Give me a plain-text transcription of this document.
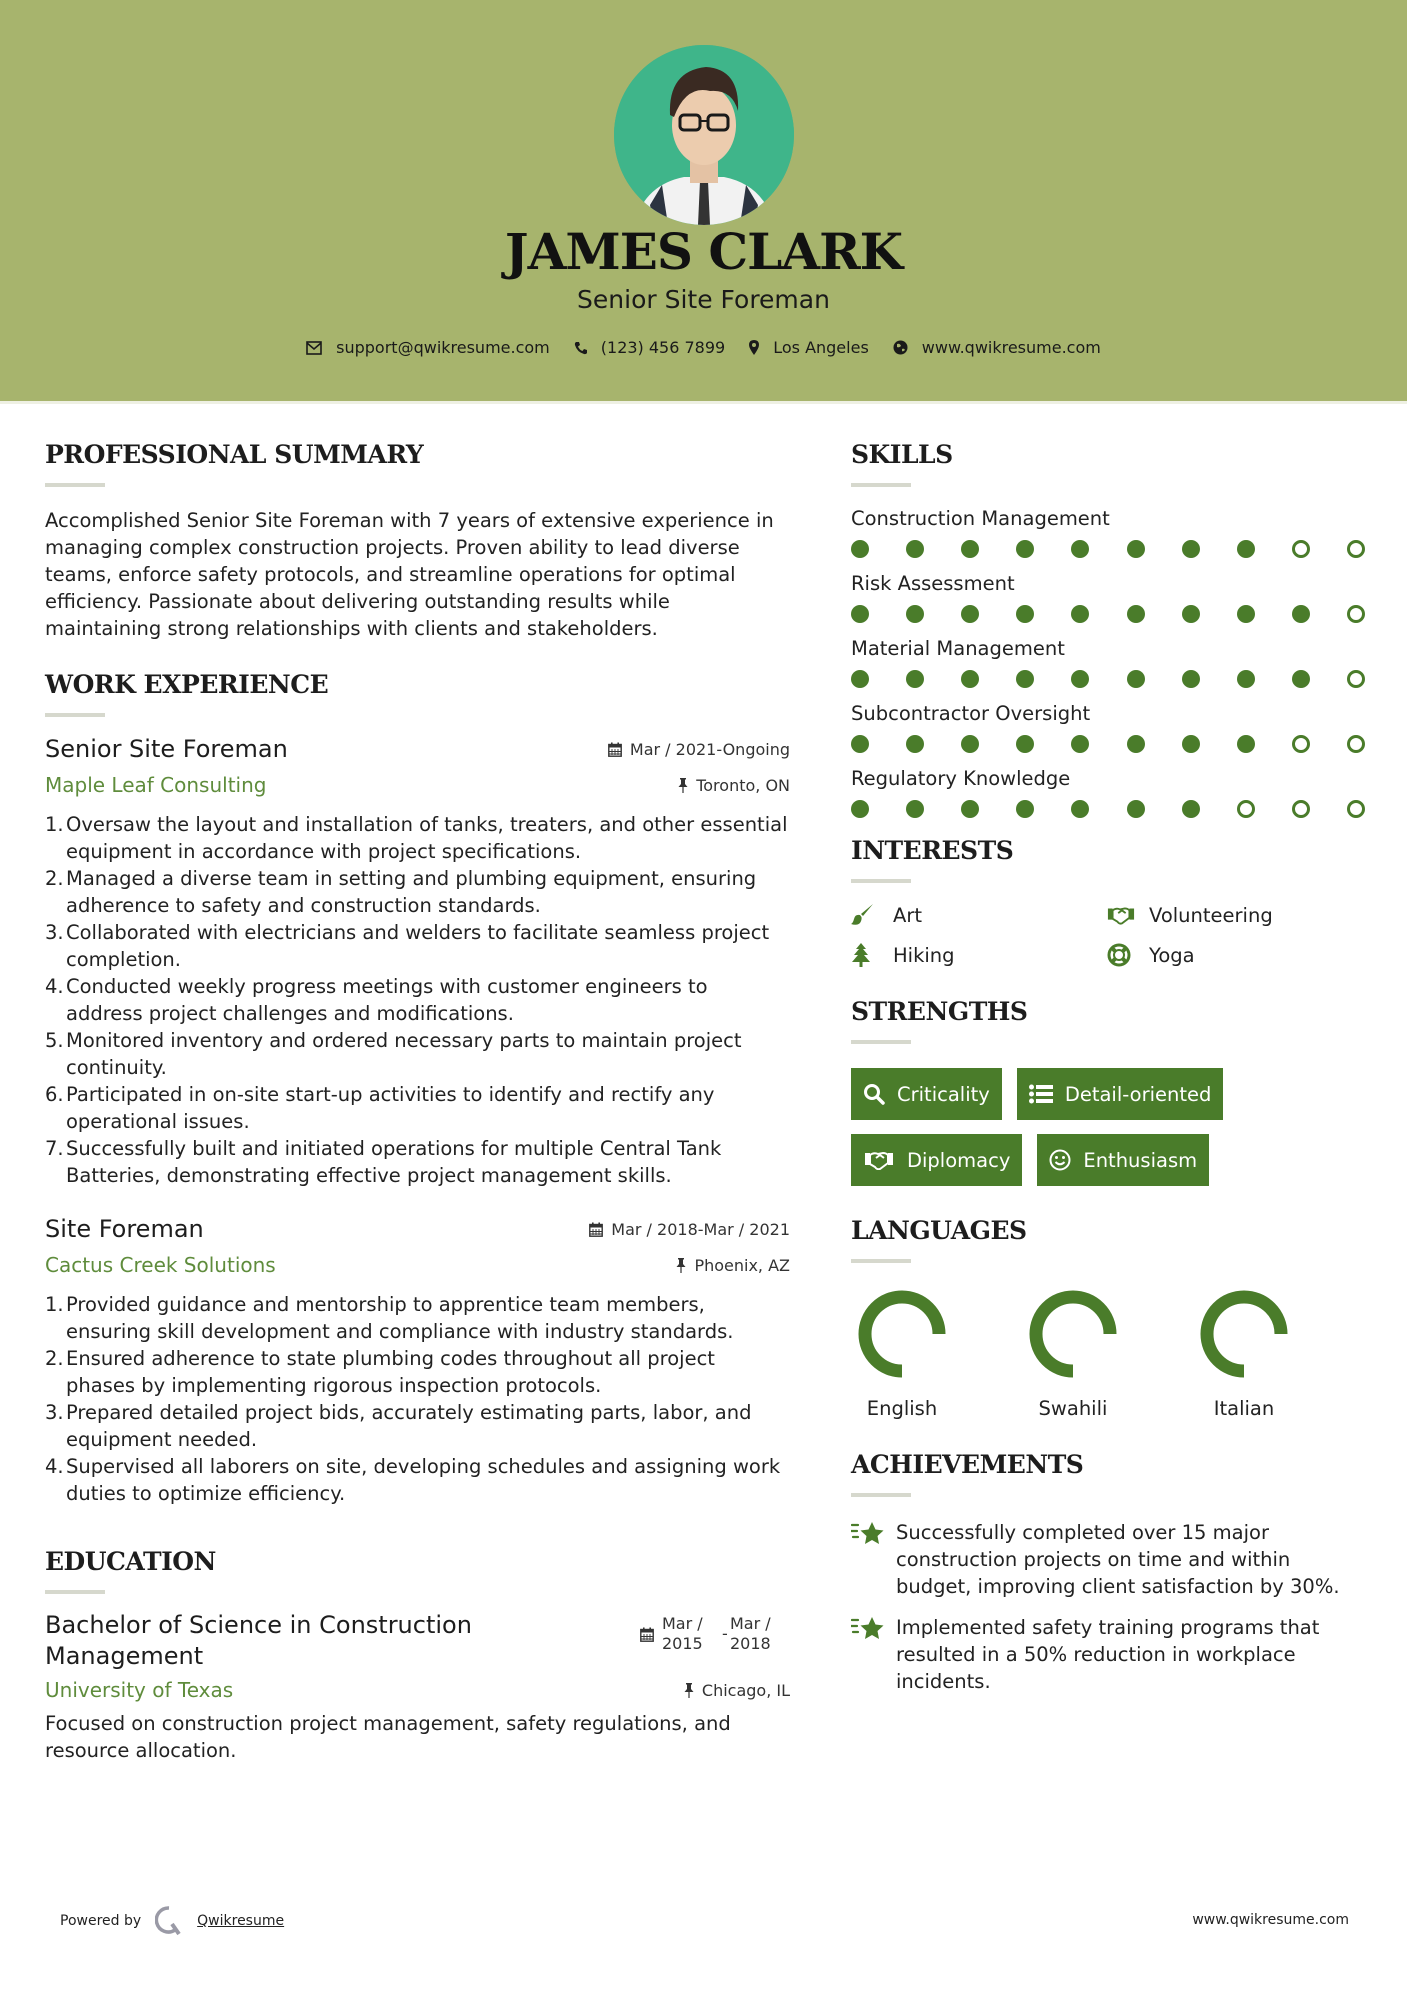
JAMES CLARK
Senior Site Foreman
support@qwikresume.com	(123) 456 7899	Los Angeles	www.qwikresume.com
PROFESSIONAL SUMMARY

Accomplished Senior Site Foreman with 7 years of extensive experience in managing complex construction projects. Proven ability to lead diverse teams, enforce safety protocols, and streamline operations for optimal efficiency. Passionate about delivering outstanding results while maintaining strong relationships with clients and stakeholders.

WORK EXPERIENCE
Senior Site Foreman	Mar / 2021-Ongoing
Maple Leaf Consulting	Toronto, ON
1. Oversaw the layout and installation of tanks, treaters, and other essential equipment in accordance with project specifications.
2. Managed a diverse team in setting and plumbing equipment, ensuring adherence to safety and construction standards.
3. Collaborated with electricians and welders to facilitate seamless project completion.
4. Conducted weekly progress meetings with customer engineers to address project challenges and modifications.
5. Monitored inventory and ordered necessary parts to maintain project continuity.
6. Participated in on-site start-up activities to identify and rectify any operational issues.
7. Successfully built and initiated operations for multiple Central Tank Batteries, demonstrating effective project management skills.
Site Foreman	Mar / 2018-Mar / 2021
Cactus Creek Solutions	Phoenix, AZ
1. Provided guidance and mentorship to apprentice team members, ensuring skill development and compliance with industry standards.
2. Ensured adherence to state plumbing codes throughout all project phases by implementing rigorous inspection protocols.
3. Prepared detailed project bids, accurately estimating parts, labor, and equipment needed.
4. Supervised all laborers on site, developing schedules and assigning work duties to optimize efficiency.
EDUCATION
Bachelor of Science in Construction Management
Mar / 2015
-
Mar / 2018
University of Texas	Chicago, IL

Focused on construction project management, safety regulations, and resource allocation.

SKILLS
Construction Management
Risk Assessment
Material Management
Subcontractor Oversight
Regulatory Knowledge
INTERESTS
Art	Volunteering
Hiking	Yoga
STRENGTHS
Criticality	Detail-oriented
Diplomacy	Enthusiasm
LANGUAGES
English	Swahili	Italian
ACHIEVEMENTS
Successfully completed over 15 major construction projects on time and within budget, improving client satisfaction by 30%.
Implemented safety training programs that resulted in a 50% reduction in workplace incidents.
Powered by	Qwikresume	www.qwikresume.com
